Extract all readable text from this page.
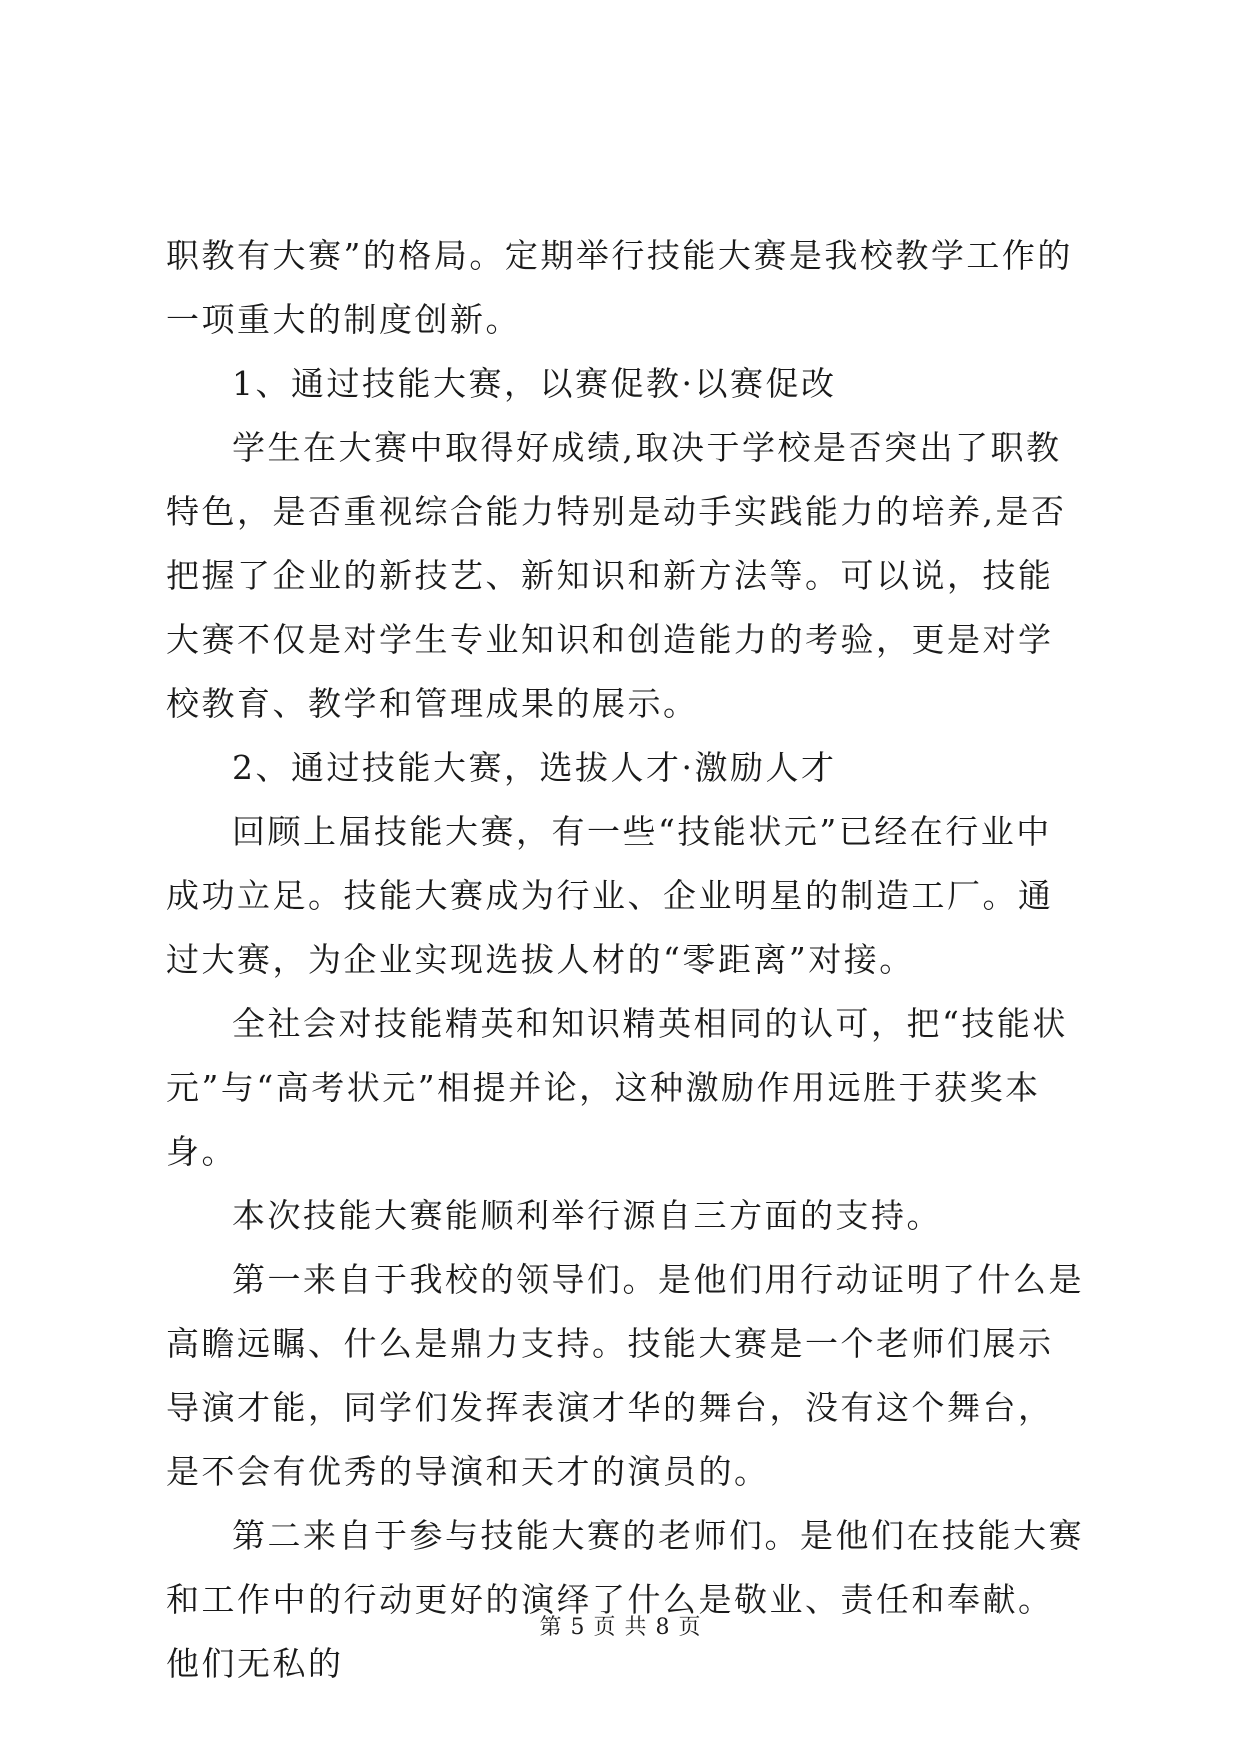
职教有大赛”的格局。定期举行技能大赛是我校教学工作的一项重大的制度创新。

1、通过技能大赛，以赛促教·以赛促改

学生在大赛中取得好成绩,取决于学校是否突出了职教特色，是否重视综合能力特别是动手实践能力的培养,是否把握了企业的新技艺、新知识和新方法等。可以说，技能大赛不仅是对学生专业知识和创造能力的考验，更是对学校教育、教学和管理成果的展示。

2、通过技能大赛，选拔人才·激励人才

回顾上届技能大赛，有一些“技能状元”已经在行业中成功立足。技能大赛成为行业、企业明星的制造工厂。通过大赛，为企业实现选拔人材的“零距离”对接。

全社会对技能精英和知识精英相同的认可，把“技能状元”与“高考状元”相提并论，这种激励作用远胜于获奖本身。

本次技能大赛能顺利举行源自三方面的支持。

第一来自于我校的领导们。是他们用行动证明了什么是高瞻远瞩、什么是鼎力支持。技能大赛是一个老师们展示导演才能，同学们发挥表演才华的舞台，没有这个舞台，是不会有优秀的导演和天才的演员的。

第二来自于参与技能大赛的老师们。是他们在技能大赛和工作中的行动更好的演绎了什么是敬业、责任和奉献。他们无私的

第 5 页 共 8 页
